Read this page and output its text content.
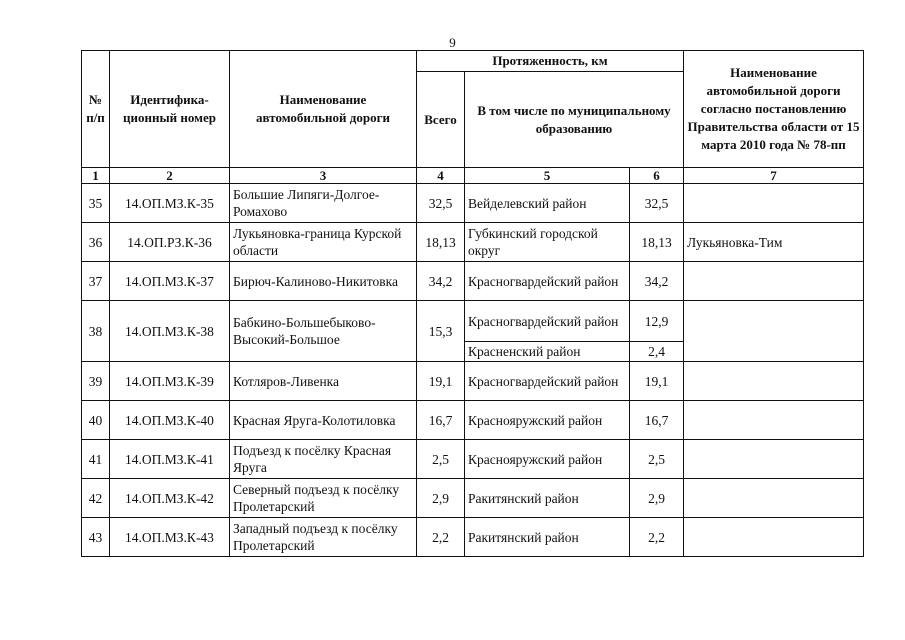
9
№ п/п	Идентифика-ционный номер	Наименование автомобильной дороги	Протяженность, км			Наименование автомобильной дороги согласно постановлению Правительства области от 15 марта 2010 года № 78-пп
			Всего	В том числе по муниципальному образованию		
1	2	3	4	5	6	7
35	14.ОП.МЗ.К-35	Большие Липяги-Долгое-Ромахово	32,5	Вейделевский район	32,5	
36	14.ОП.РЗ.К-36	Лукьяновка-граница Курской области	18,13	Губкинский городской округ	18,13	Лукьяновка-Тим
37	14.ОП.МЗ.К-37	Бирюч-Калиново-Никитовка	34,2	Красногвардейский район	34,2	
38	14.ОП.МЗ.К-38	Бабкино-Большебыково-Высокий-Большое	15,3	Красногвардейский район	12,9	
				Красненский район	2,4	
39	14.ОП.МЗ.К-39	Котляров-Ливенка	19,1	Красногвардейский район	19,1	
40	14.ОП.МЗ.К-40	Красная Яруга-Колотиловка	16,7	Краснояружский район	16,7	
41	14.ОП.МЗ.К-41	Подъезд к посёлку Красная Яруга	2,5	Краснояружский район	2,5	
42	14.ОП.МЗ.К-42	Северный подъезд к посёлку Пролетарский	2,9	Ракитянский район	2,9	
43	14.ОП.МЗ.К-43	Западный подъезд к посёлку Пролетарский	2,2	Ракитянский район	2,2	
